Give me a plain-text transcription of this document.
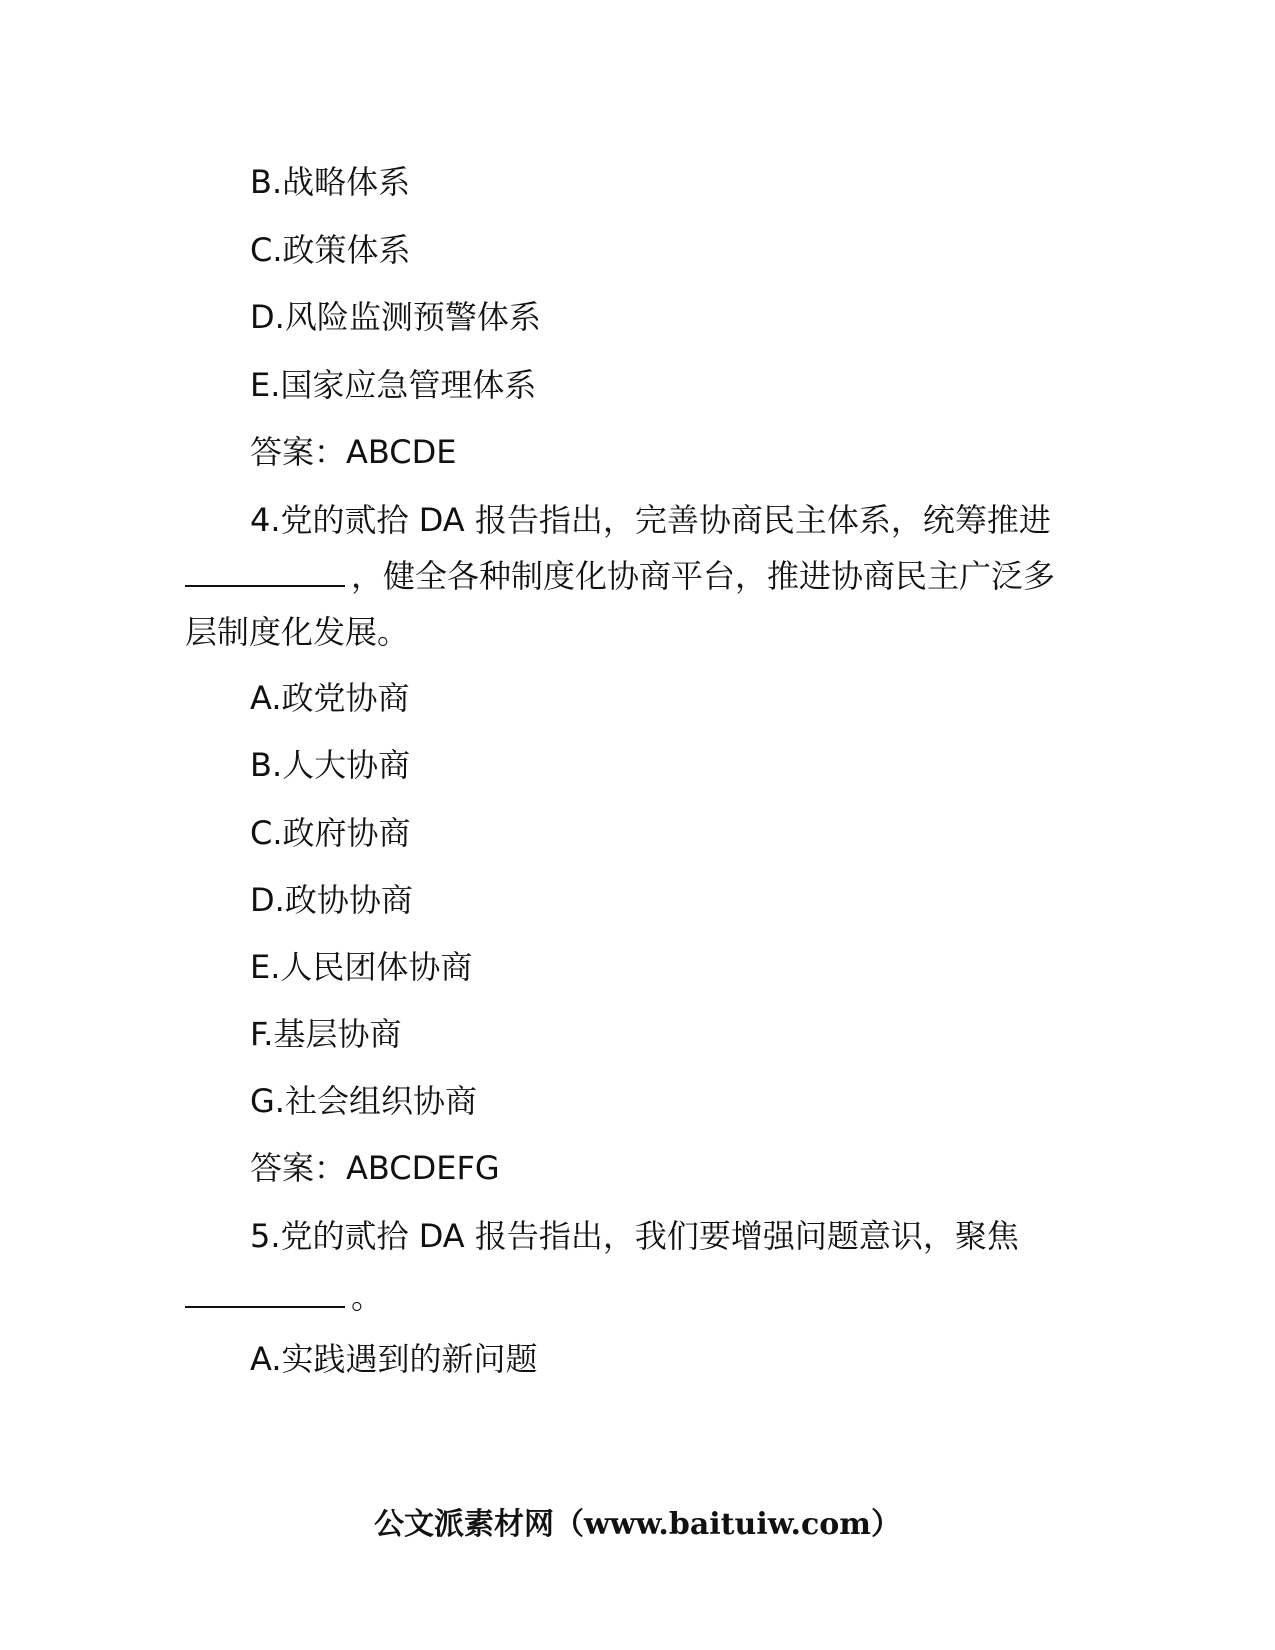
B.战略体系
C.政策体系
D.风险监测预警体系
E.国家应急管理体系
答案：ABCDE
4.党的贰拾 DA 报告指出，完善协商民主体系，统筹推进
，健全各种制度化协商平台，推进协商民主广泛多
层制度化发展。
A.政党协商
B.人大协商
C.政府协商
D.政协协商
E.人民团体协商
F.基层协商
G.社会组织协商
答案：ABCDEFG
5.党的贰拾 DA 报告指出，我们要增强问题意识，聚焦
。
A.实践遇到的新问题
公文派素材网（www.baituiw.com）
